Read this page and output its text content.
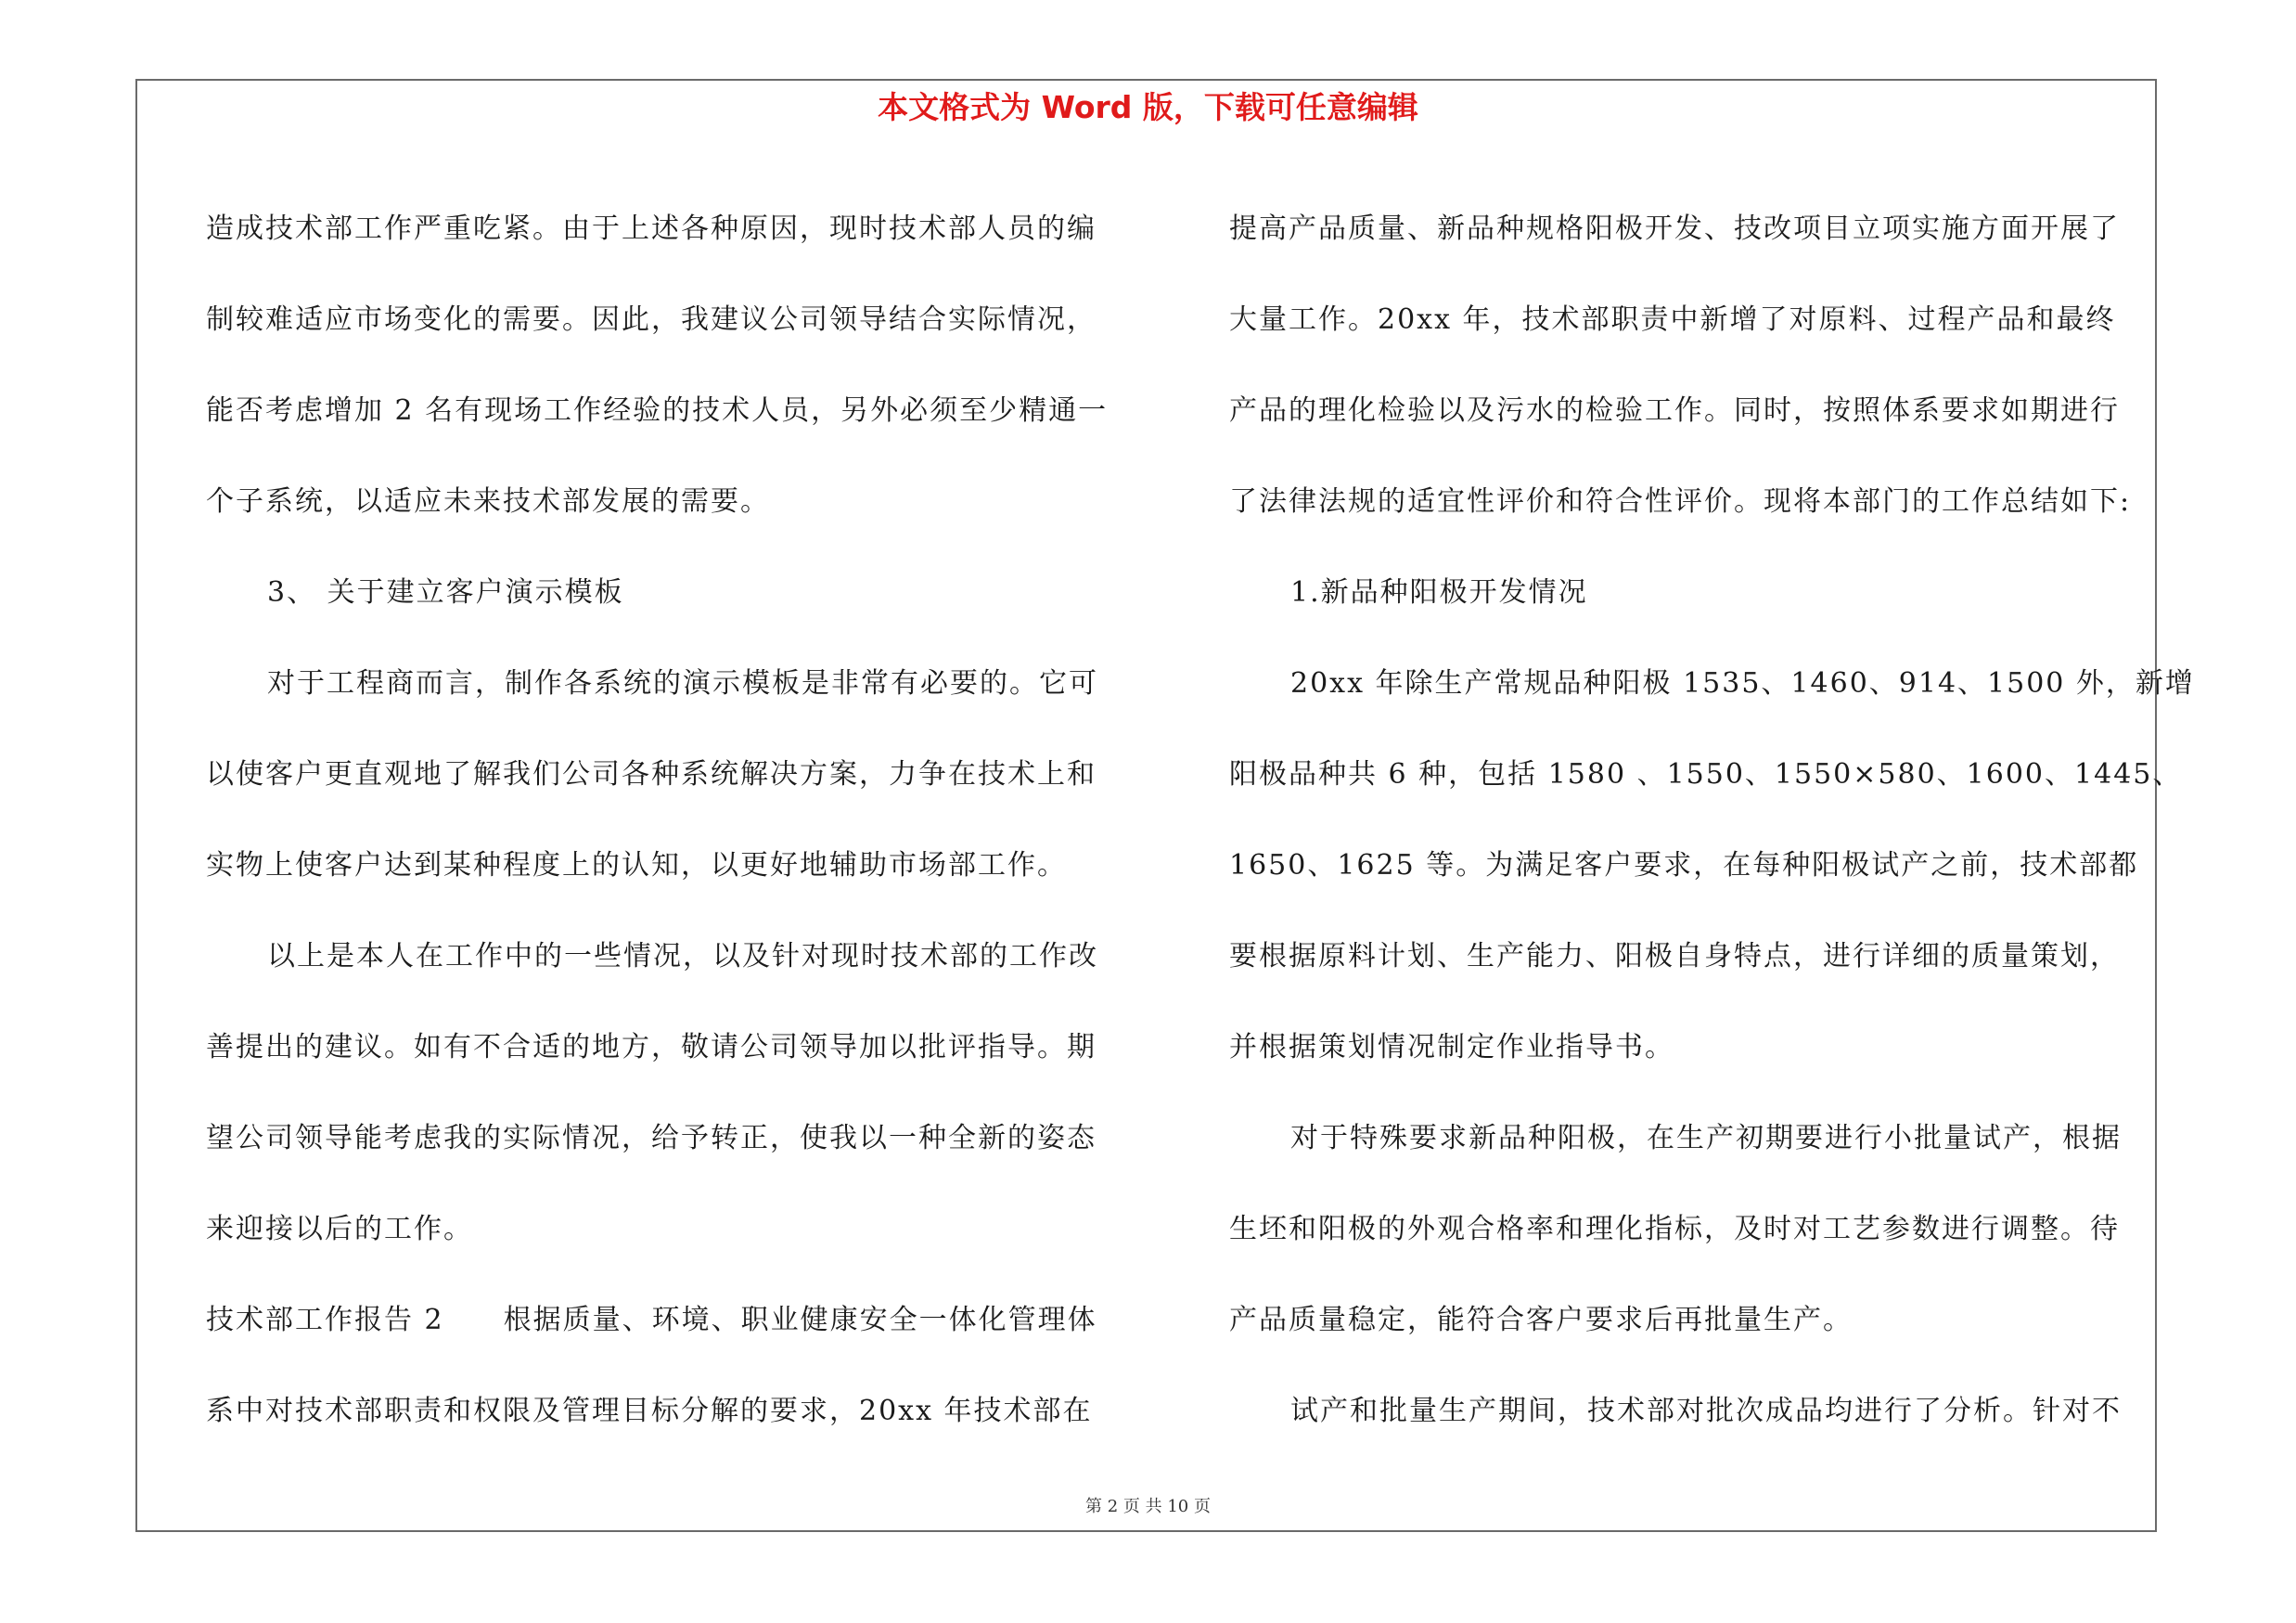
本文格式为 Word 版，下载可任意编辑
造成技术部工作严重吃紧。由于上述各种原因，现时技术部人员的编
制较难适应市场变化的需要。因此，我建议公司领导结合实际情况，
能否考虑增加 2 名有现场工作经验的技术人员，另外必须至少精通一
个子系统，以适应未来技术部发展的需要。
3、 关于建立客户演示模板
对于工程商而言，制作各系统的演示模板是非常有必要的。它可
以使客户更直观地了解我们公司各种系统解决方案，力争在技术上和
实物上使客户达到某种程度上的认知，以更好地辅助市场部工作。
以上是本人在工作中的一些情况，以及针对现时技术部的工作改
善提出的建议。如有不合适的地方，敬请公司领导加以批评指导。期
望公司领导能考虑我的实际情况，给予转正，使我以一种全新的姿态
来迎接以后的工作。
技术部工作报告 2　　根据质量、环境、职业健康安全一体化管理体
系中对技术部职责和权限及管理目标分解的要求，20xx 年技术部在
提高产品质量、新品种规格阳极开发、技改项目立项实施方面开展了
大量工作。20xx 年，技术部职责中新增了对原料、过程产品和最终
产品的理化检验以及污水的检验工作。同时，按照体系要求如期进行
了法律法规的适宜性评价和符合性评价。现将本部门的工作总结如下:
1.新品种阳极开发情况
20xx 年除生产常规品种阳极 1535、1460、914、1500 外，新增
阳极品种共 6 种，包括 1580 、1550、1550×580、1600、1445、
1650、1625 等。为满足客户要求，在每种阳极试产之前，技术部都
要根据原料计划、生产能力、阳极自身特点，进行详细的质量策划，
并根据策划情况制定作业指导书。
对于特殊要求新品种阳极，在生产初期要进行小批量试产，根据
生坯和阳极的外观合格率和理化指标，及时对工艺参数进行调整。待
产品质量稳定，能符合客户要求后再批量生产。
试产和批量生产期间，技术部对批次成品均进行了分析。针对不
第 2 页 共 10 页
